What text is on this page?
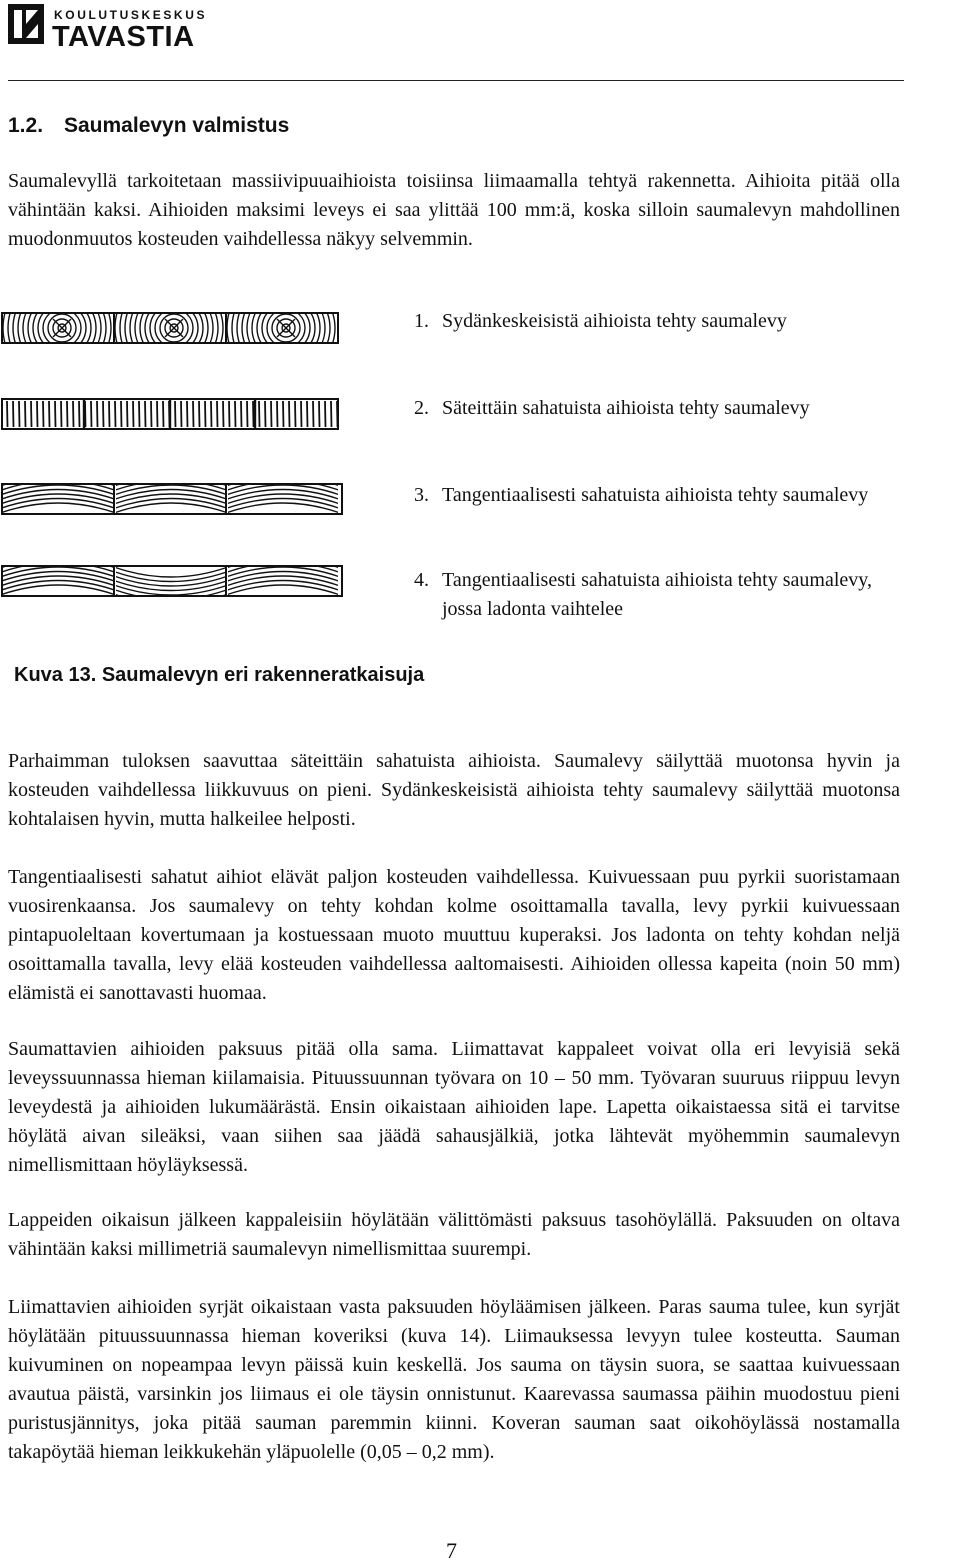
KOULUTUSKESKUS
TAVASTIA
1.2. Saumalevyn valmistus

Saumalevyllä tarkoitetaan massiivipuuaihioista toisiinsa liimaamalla tehtyä rakennetta. Aihioita pitää olla vähintään kaksi. Aihioiden maksimi leveys ei saa ylittää 100 mm:ä, koska silloin saumalevyn mahdollinen muodonmuutos kosteuden vaihdellessa näkyy selvemmin.

1. Sydänkeskeisistä aihioista tehty saumalevy
2. Säteittäin sahatuista aihioista tehty saumalevy
3. Tangentiaalisesti sahatuista aihioista tehty saumalevy
4. Tangentiaalisesti sahatuista aihioista tehty saumalevy,
jossa ladonta vaihtelee
Kuva 13. Saumalevyn eri rakenneratkaisuja

Parhaimman tuloksen saavuttaa säteittäin sahatuista aihioista. Saumalevy säilyttää muotonsa hyvin ja kosteuden vaihdellessa liikkuvuus on pieni. Sydänkeskeisistä aihioista tehty saumalevy säilyttää muotonsa kohtalaisen hyvin, mutta halkeilee helposti.

Tangentiaalisesti sahatut aihiot elävät paljon kosteuden vaihdellessa. Kuivuessaan puu pyrkii suoristamaan vuosirenkaansa. Jos saumalevy on tehty kohdan kolme osoittamalla tavalla, levy pyrkii kuivuessaan pintapuoleltaan kovertumaan ja kostuessaan muoto muuttuu kuperaksi. Jos ladonta on tehty kohdan neljä osoittamalla tavalla, levy elää kosteuden vaihdellessa aaltomaisesti. Aihioiden ollessa kapeita (noin 50 mm) elämistä ei sanottavasti huomaa.

Saumattavien aihioiden paksuus pitää olla sama. Liimattavat kappaleet voivat olla eri levyisiä sekä leveyssuunnassa hieman kiilamaisia. Pituussuunnan työvara on 10 – 50 mm. Työvaran suuruus riippuu levyn leveydestä ja aihioiden lukumäärästä. Ensin oikaistaan aihioiden lape. Lapetta oikaistaessa sitä ei tarvitse höylätä aivan sileäksi, vaan siihen saa jäädä sahausjälkiä, jotka lähtevät myöhemmin saumalevyn nimellismittaan höyläyksessä.

Lappeiden oikaisun jälkeen kappaleisiin höylätään välittömästi paksuus tasohöylällä. Paksuuden on oltava vähintään kaksi millimetriä saumalevyn nimellismittaa suurempi.

Liimattavien aihioiden syrjät oikaistaan vasta paksuuden höyläämisen jälkeen. Paras sauma tulee, kun syrjät höylätään pituussuunnassa hieman koveriksi (kuva 14). Liimauksessa levyyn tulee kosteutta. Sauman kuivuminen on nopeampaa levyn päissä kuin keskellä. Jos sauma on täysin suora, se saattaa kuivuessaan avautua päistä, varsinkin jos liimaus ei ole täysin onnistunut. Kaarevassa saumassa päihin muodostuu pieni puristusjännitys, joka pitää sauman paremmin kiinni. Koveran sauman saat oikohöylässä nostamalla takapöytää hieman leikkukehän yläpuolelle (0,05 – 0,2 mm).

7
